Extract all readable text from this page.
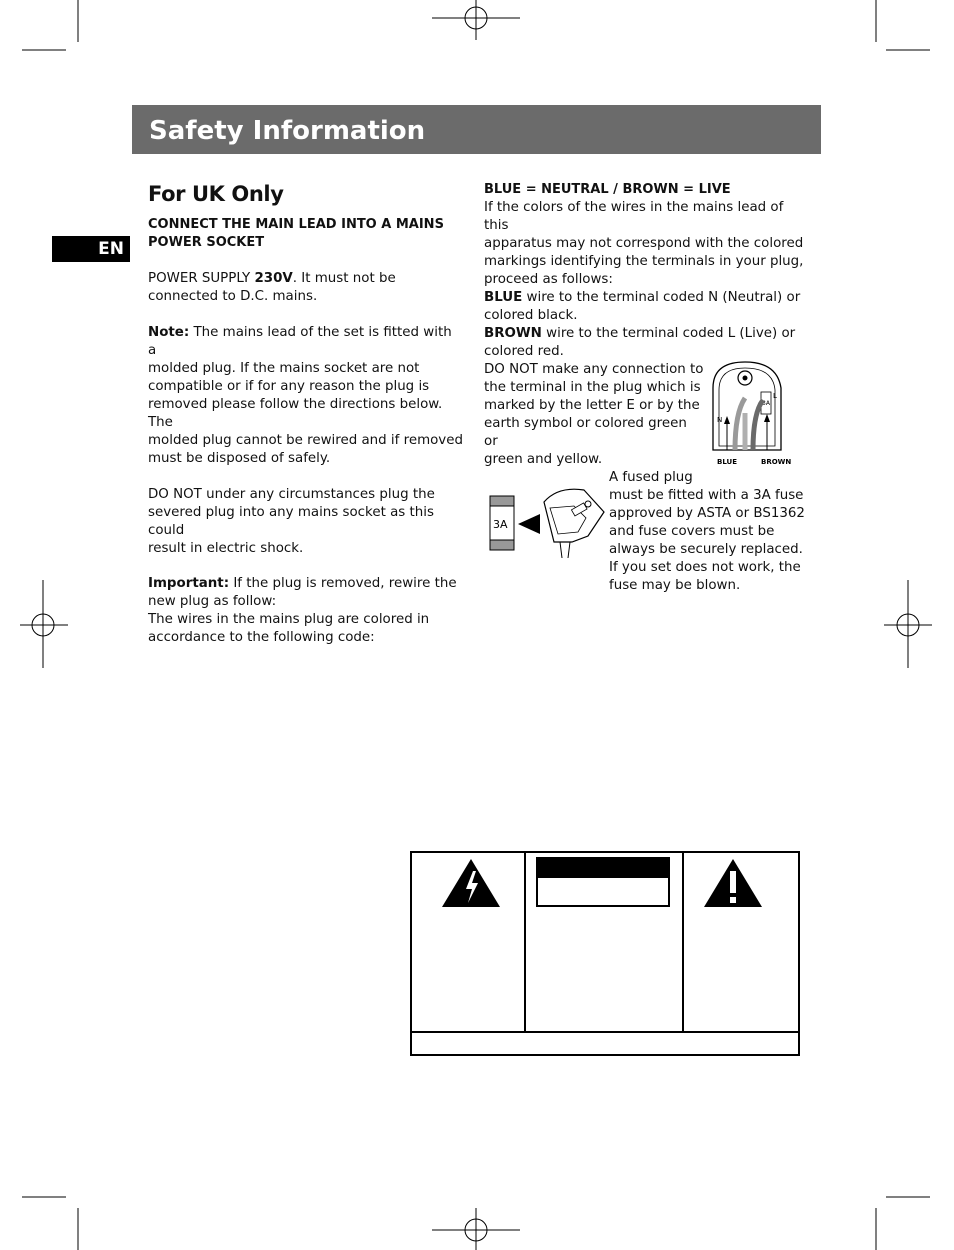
Safety Information
EN
For UK Only

CONNECT THE MAIN LEAD INTO A MAINS

POWER SOCKET

POWER SUPPLY 230V. It must not be

connected to D.C. mains.

Note: The mains lead of the set is fitted with a

molded plug. If the mains socket are not

compatible or if for any reason the plug is

removed please follow the directions below. The

molded plug cannot be rewired and if removed

must be disposed of safely.

DO NOT under any circumstances plug the

severed plug into any mains socket as this could

result in electric shock.

Important: If the plug is removed, rewire the

new plug as follow:

The wires in the mains plug are colored in

accordance to the following code:

BLUE = NEUTRAL / BROWN = LIVE

If the colors of the wires in the mains lead of this

apparatus may not correspond with the colored

markings identifying the terminals in your plug,

proceed as follows:

BLUE wire to the terminal coded N (Neutral) or

colored black.

BROWN wire to the terminal coded L (Live) or

colored red.

DO NOT make any connection to

the terminal in the plug which is

marked by the letter E or by the

earth symbol or colored green or

green and yellow.

A fused plug

must be fitted with a 3A fuse

approved by ASTA or BS1362

and fuse covers must be

always be securely replaced.

If you set does not work, the

fuse may be blown.

3A
L
N
BLUE	BROWN
3A
